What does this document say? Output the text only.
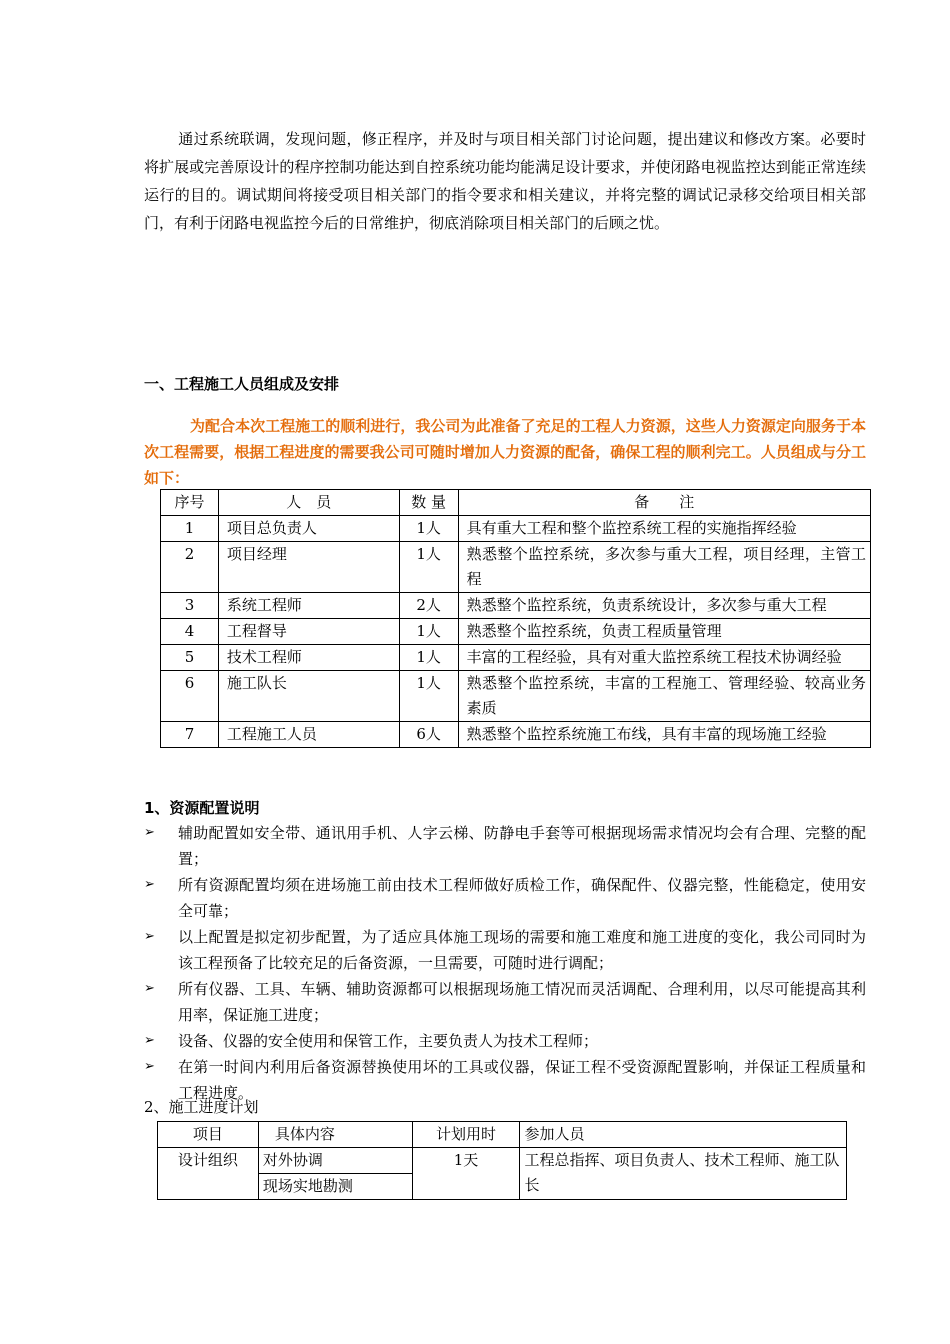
通过系统联调，发现问题，修正程序，并及时与项目相关部门讨论问题，提出建议和修改方案。必要时将扩展或完善原设计的程序控制功能达到自控系统功能均能满足设计要求，并使闭路电视监控达到能正常连续运行的目的。调试期间将接受项目相关部门的指令要求和相关建议，并将完整的调试记录移交给项目相关部门，有利于闭路电视监控今后的日常维护，彻底消除项目相关部门的后顾之忧。
一、工程施工人员组成及安排
为配合本次工程施工的顺利进行，我公司为此准备了充足的工程人力资源，这些人力资源定向服务于本次工程需要，根据工程进度的需要我公司可随时增加人力资源的配备，确保工程的顺利完工。人员组成与分工如下：
序号	人　员	数 量	备　　注
1	项目总负责人	1人	具有重大工程和整个监控系统工程的实施指挥经验
2	项目经理	1人	熟悉整个监控系统，多次参与重大工程，项目经理，主管工程
3	系统工程师	2人	熟悉整个监控系统，负责系统设计，多次参与重大工程
4	工程督导	1人	熟悉整个监控系统，负责工程质量管理
5	技术工程师	1人	丰富的工程经验，具有对重大监控系统工程技术协调经验
6	施工队长	1人	熟悉整个监控系统，丰富的工程施工、管理经验、较高业务素质
7	工程施工人员	6人	熟悉整个监控系统施工布线，具有丰富的现场施工经验
1、资源配置说明
➢ 辅助配置如安全带、通讯用手机、人字云梯、防静电手套等可根据现场需求情况均会有合理、完整的配置；
➢ 所有资源配置均须在进场施工前由技术工程师做好质检工作，确保配件、仪器完整，性能稳定，使用安全可靠；
➢ 以上配置是拟定初步配置，为了适应具体施工现场的需要和施工难度和施工进度的变化，我公司同时为该工程预备了比较充足的后备资源，一旦需要，可随时进行调配；
➢ 所有仪器、工具、车辆、辅助资源都可以根据现场施工情况而灵活调配、合理利用，以尽可能提高其利用率，保证施工进度；
➢ 设备、仪器的安全使用和保管工作，主要负责人为技术工程师；
➢ 在第一时间内利用后备资源替换使用坏的工具或仪器，保证工程不受资源配置影响，并保证工程质量和工程进度。
2、施工进度计划
项目	具体内容	计划用时	参加人员
设计组织	对外协调	1天	工程总指挥、项目负责人、技术工程师、施工队长
	现场实地勘测		
